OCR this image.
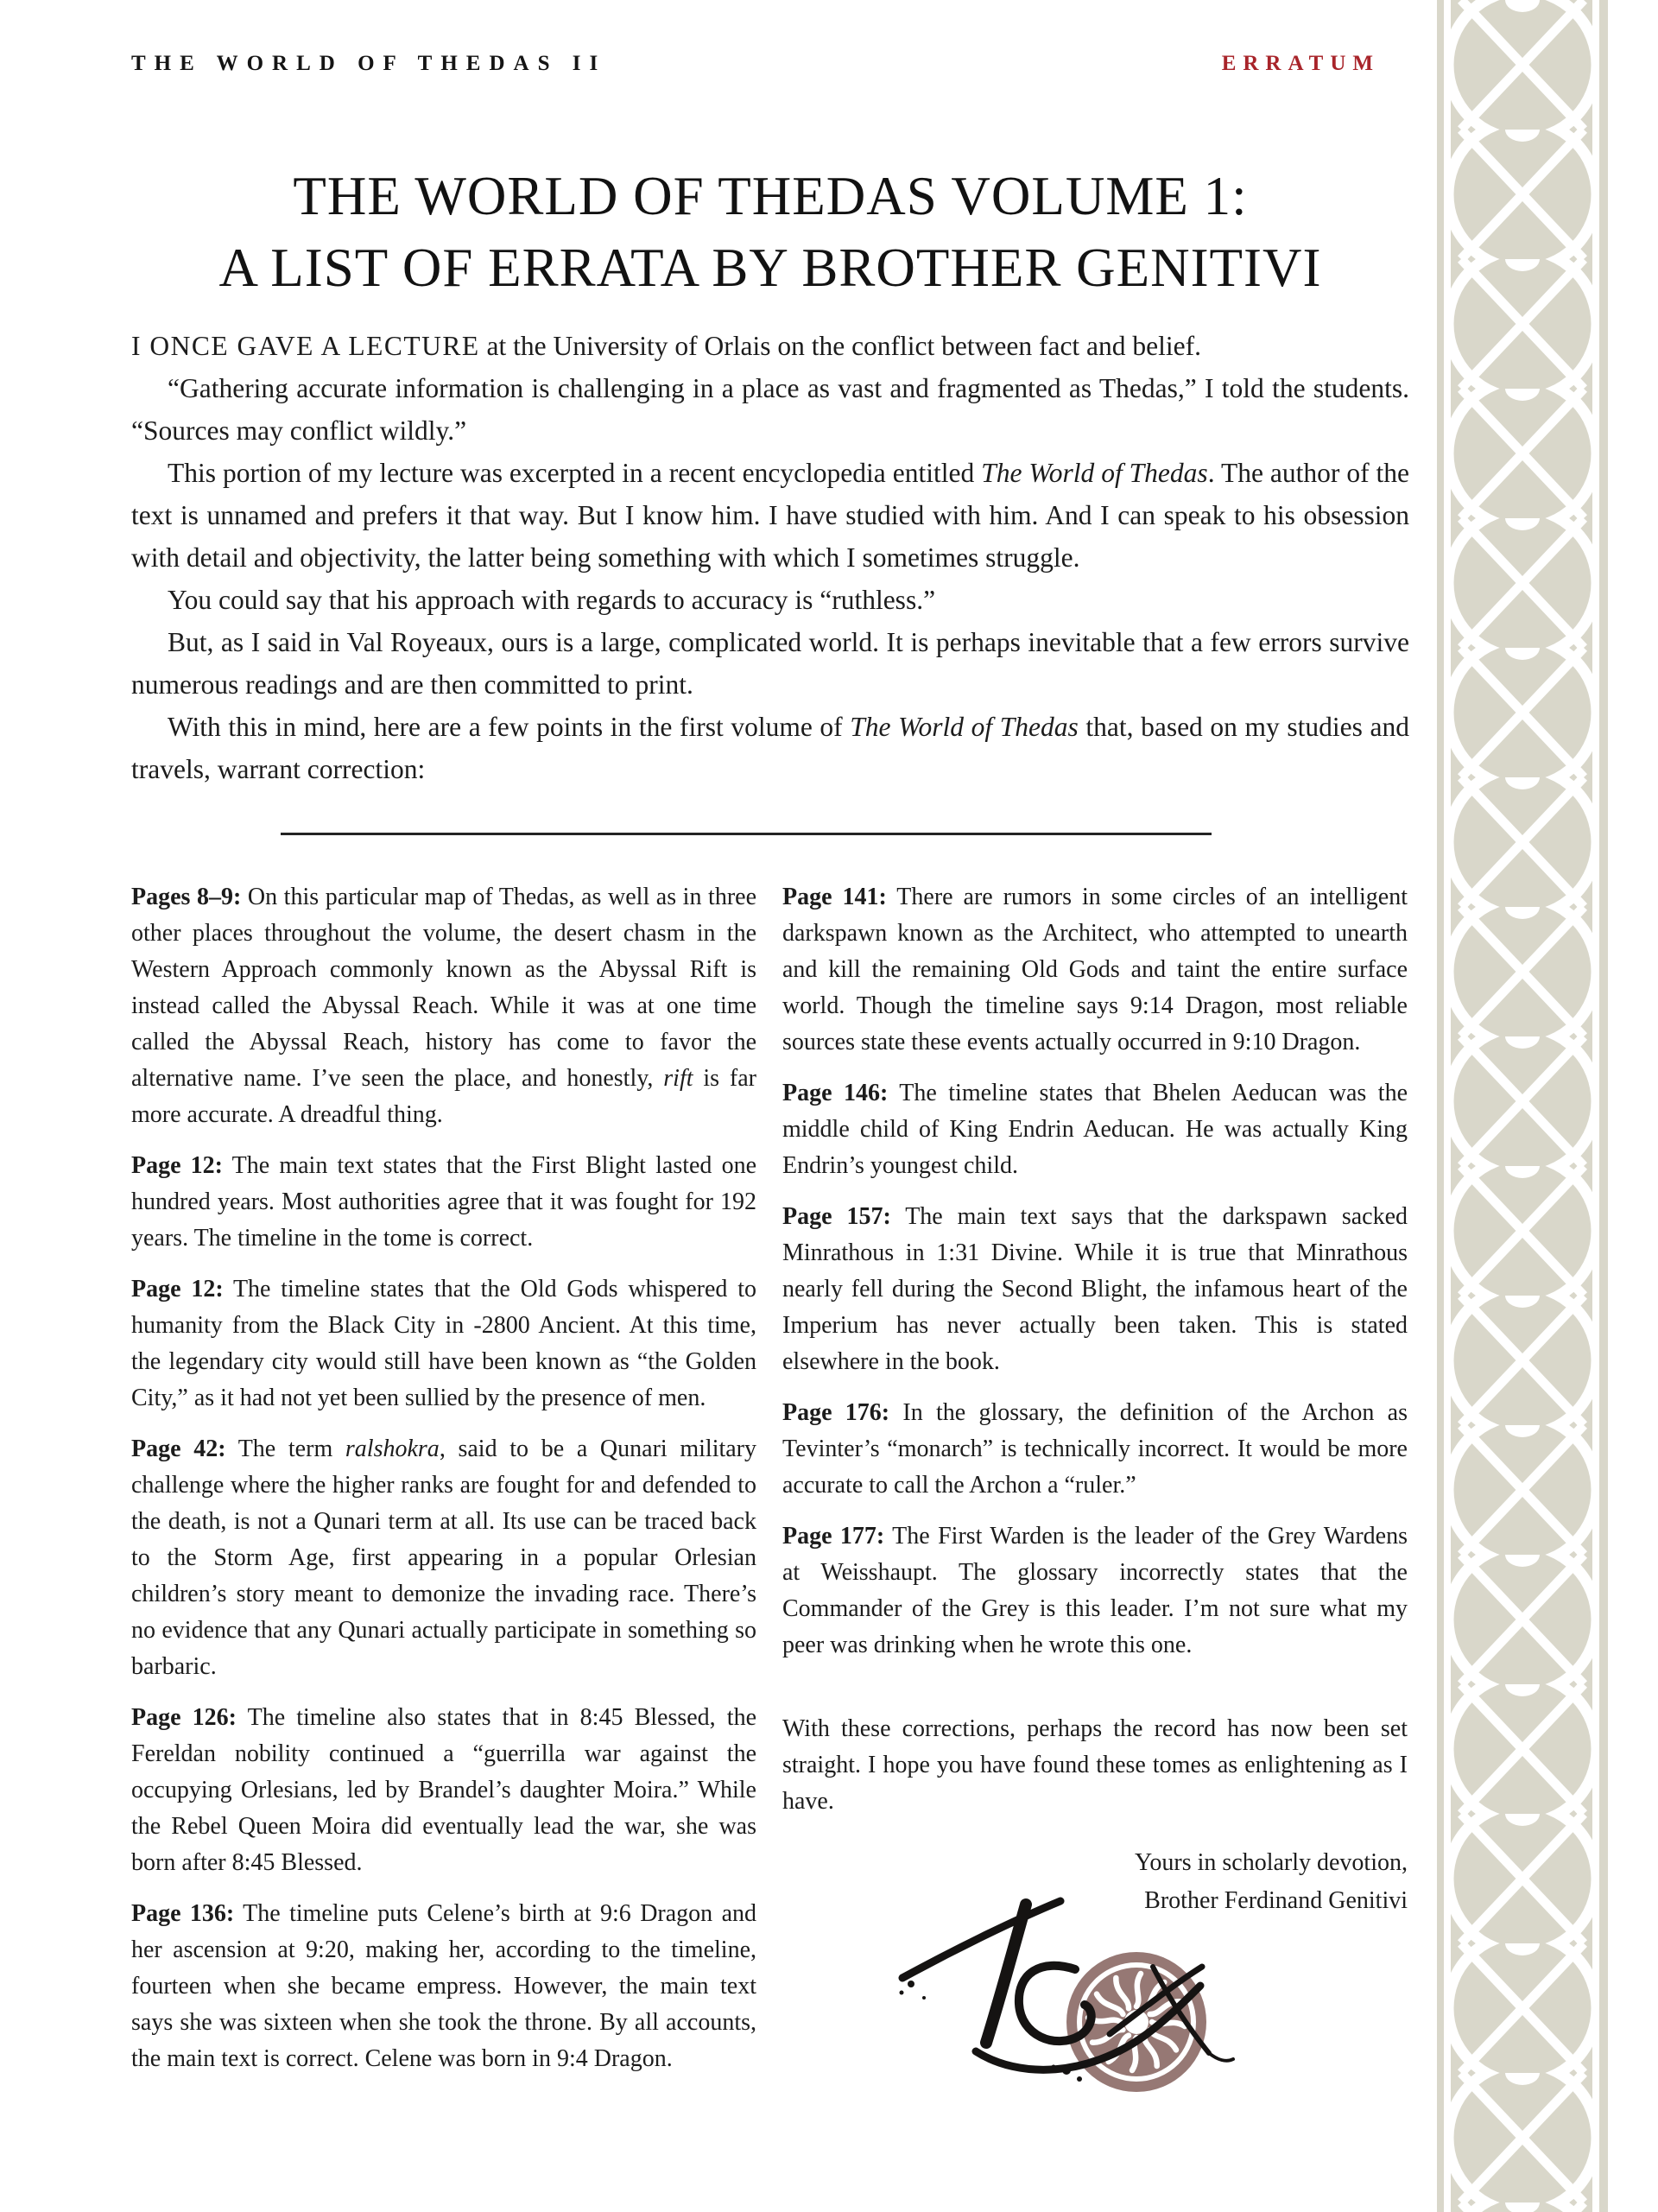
THE WORLD OF THEDAS II	ERRATUM
THE WORLD OF THEDAS VOLUME 1:
A LIST OF ERRATA BY BROTHER GENITIVI

I ONCE GAVE A LECTURE at the University of Orlais on the conflict between fact and belief.

“Gathering accurate information is challenging in a place as vast and fragmented as Thedas,” I told the students. “Sources may conflict wildly.”

This portion of my lecture was excerpted in a recent encyclopedia entitled The World of Thedas. The author of the text is unnamed and prefers it that way. But I know him. I have studied with him. And I can speak to his obsession with detail and objectivity, the latter being something with which I sometimes struggle.

You could say that his approach with regards to accuracy is “ruthless.”

But, as I said in Val Royeaux, ours is a large, complicated world. It is perhaps inevitable that a few errors survive numerous readings and are then committed to print.

With this in mind, here are a few points in the first volume of The World of Thedas that, based on my studies and travels, warrant correction:

Pages 8–9: On this particular map of Thedas, as well as in three other places throughout the volume, the desert chasm in the Western Approach commonly known as the Abyssal Rift is instead called the Abyssal Reach. While it was at one time called the Abyssal Reach, history has come to favor the alternative name. I’ve seen the place, and honestly, rift is far more accurate. A dreadful thing.

Page 12: The main text states that the First Blight lasted one hundred years. Most authorities agree that it was fought for 192 years. The timeline in the tome is correct.

Page 12: The timeline states that the Old Gods whispered to humanity from the Black City in -2800 Ancient. At this time, the legendary city would still have been known as “the Golden City,” as it had not yet been sullied by the presence of men.

Page 42: The term ralshokra, said to be a Qunari military challenge where the higher ranks are fought for and defended to the death, is not a Qunari term at all. Its use can be traced back to the Storm Age, first appearing in a popular Orlesian children’s story meant to demonize the invading race. There’s no evidence that any Qunari actually participate in something so barbaric.

Page 126: The timeline also states that in 8:45 Blessed, the Fereldan nobility continued a “guerrilla war against the occupying Orlesians, led by Brandel’s daughter Moira.” While the Rebel Queen Moira did eventually lead the war, she was born after 8:45 Blessed.

Page 136: The timeline puts Celene’s birth at 9:6 Dragon and her ascension at 9:20, making her, according to the timeline, fourteen when she became empress. However, the main text says she was sixteen when she took the throne. By all accounts, the main text is correct. Celene was born in 9:4 Dragon.

Page 141: There are rumors in some circles of an intelligent darkspawn known as the Architect, who attempted to unearth and kill the remaining Old Gods and taint the entire surface world. Though the timeline says 9:14 Dragon, most reliable sources state these events actually occurred in 9:10 Dragon.

Page 146: The timeline states that Bhelen Aeducan was the middle child of King Endrin Aeducan. He was actually King Endrin’s youngest child.

Page 157: The main text says that the darkspawn sacked Minrathous in 1:31 Divine. While it is true that Minrathous nearly fell during the Second Blight, the infamous heart of the Imperium has never actually been taken. This is stated elsewhere in the book.

Page 176: In the glossary, the definition of the Archon as Tevinter’s “monarch” is technically incorrect. It would be more accurate to call the Archon a “ruler.”

Page 177: The First Warden is the leader of the Grey Wardens at Weisshaupt. The glossary incorrectly states that the Commander of the Grey is this leader. I’m not sure what my peer was drinking when he wrote this one.

With these corrections, perhaps the record has now been set straight. I hope you have found these tomes as enlightening as I have.

Yours in scholarly devotion,
Brother Ferdinand Genitivi
